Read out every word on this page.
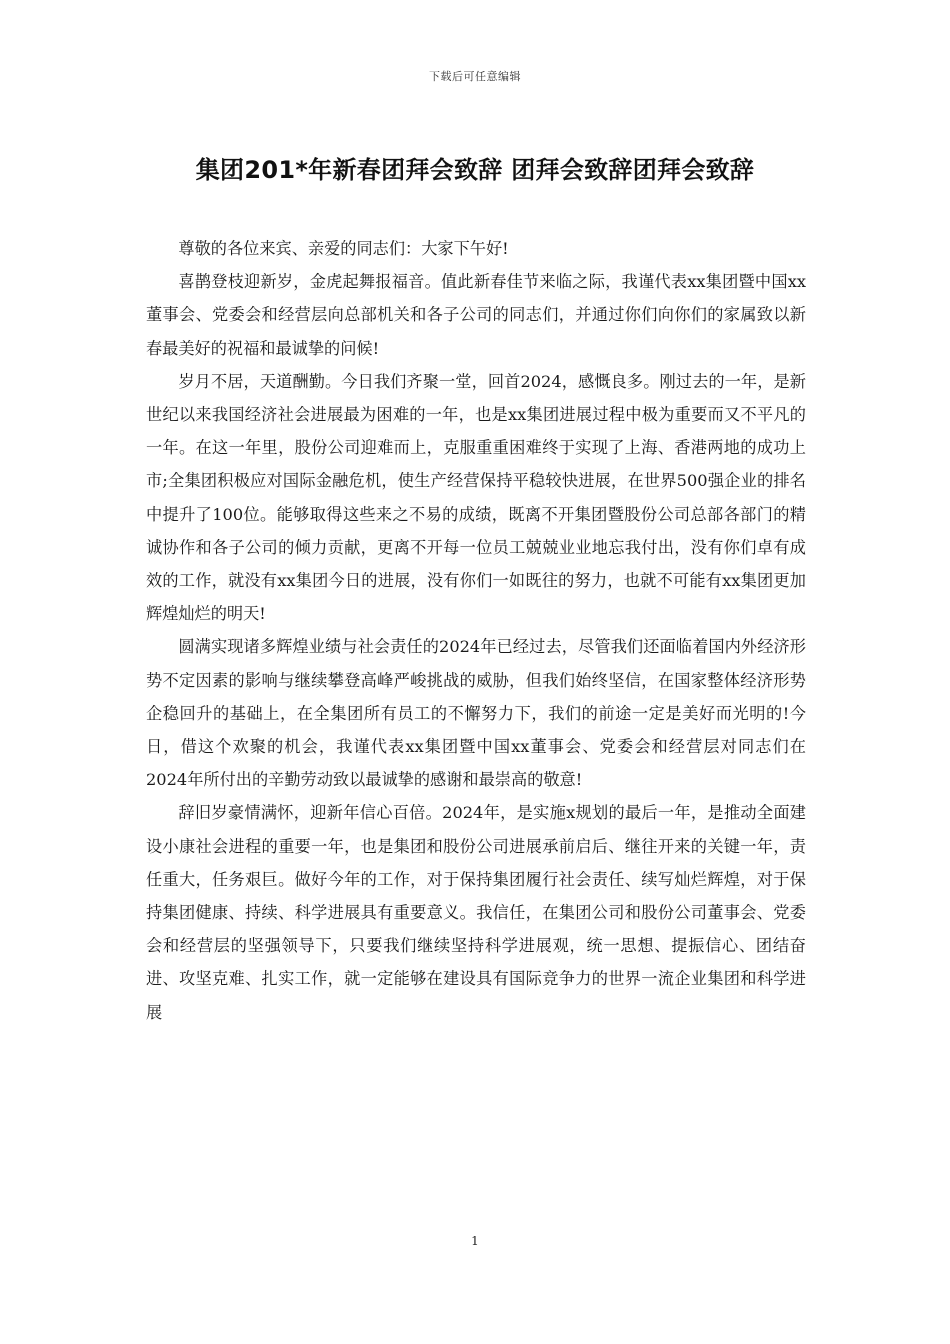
下载后可任意编辑
集团201*年新春团拜会致辞 团拜会致辞团拜会致辞

尊敬的各位来宾、亲爱的同志们：大家下午好!

喜鹊登枝迎新岁，金虎起舞报福音。值此新春佳节来临之际，我谨代表xx集团暨中国xx董事会、党委会和经营层向总部机关和各子公司的同志们，并通过你们向你们的家属致以新春最美好的祝福和最诚挚的问候!

岁月不居，天道酬勤。今日我们齐聚一堂，回首2024，感慨良多。刚过去的一年，是新世纪以来我国经济社会进展最为困难的一年，也是xx集团进展过程中极为重要而又不平凡的一年。在这一年里，股份公司迎难而上，克服重重困难终于实现了上海、香港两地的成功上市;全集团积极应对国际金融危机，使生产经营保持平稳较快进展，在世界500强企业的排名中提升了100位。能够取得这些来之不易的成绩，既离不开集团暨股份公司总部各部门的精诚协作和各子公司的倾力贡献，更离不开每一位员工兢兢业业地忘我付出，没有你们卓有成效的工作，就没有xx集团今日的进展，没有你们一如既往的努力，也就不可能有xx集团更加辉煌灿烂的明天!

圆满实现诸多辉煌业绩与社会责任的2024年已经过去，尽管我们还面临着国内外经济形势不定因素的影响与继续攀登高峰严峻挑战的威胁，但我们始终坚信，在国家整体经济形势企稳回升的基础上，在全集团所有员工的不懈努力下，我们的前途一定是美好而光明的!今日，借这个欢聚的机会，我谨代表xx集团暨中国xx董事会、党委会和经营层对同志们在2024年所付出的辛勤劳动致以最诚挚的感谢和最崇高的敬意!

辞旧岁豪情满怀，迎新年信心百倍。2024年，是实施x规划的最后一年，是推动全面建设小康社会进程的重要一年，也是集团和股份公司进展承前启后、继往开来的关键一年，责任重大，任务艰巨。做好今年的工作，对于保持集团履行社会责任、续写灿烂辉煌，对于保持集团健康、持续、科学进展具有重要意义。我信任，在集团公司和股份公司董事会、党委会和经营层的坚强领导下，只要我们继续坚持科学进展观，统一思想、提振信心、团结奋进、攻坚克难、扎实工作，就一定能够在建设具有国际竞争力的世界一流企业集团和科学进展

1
